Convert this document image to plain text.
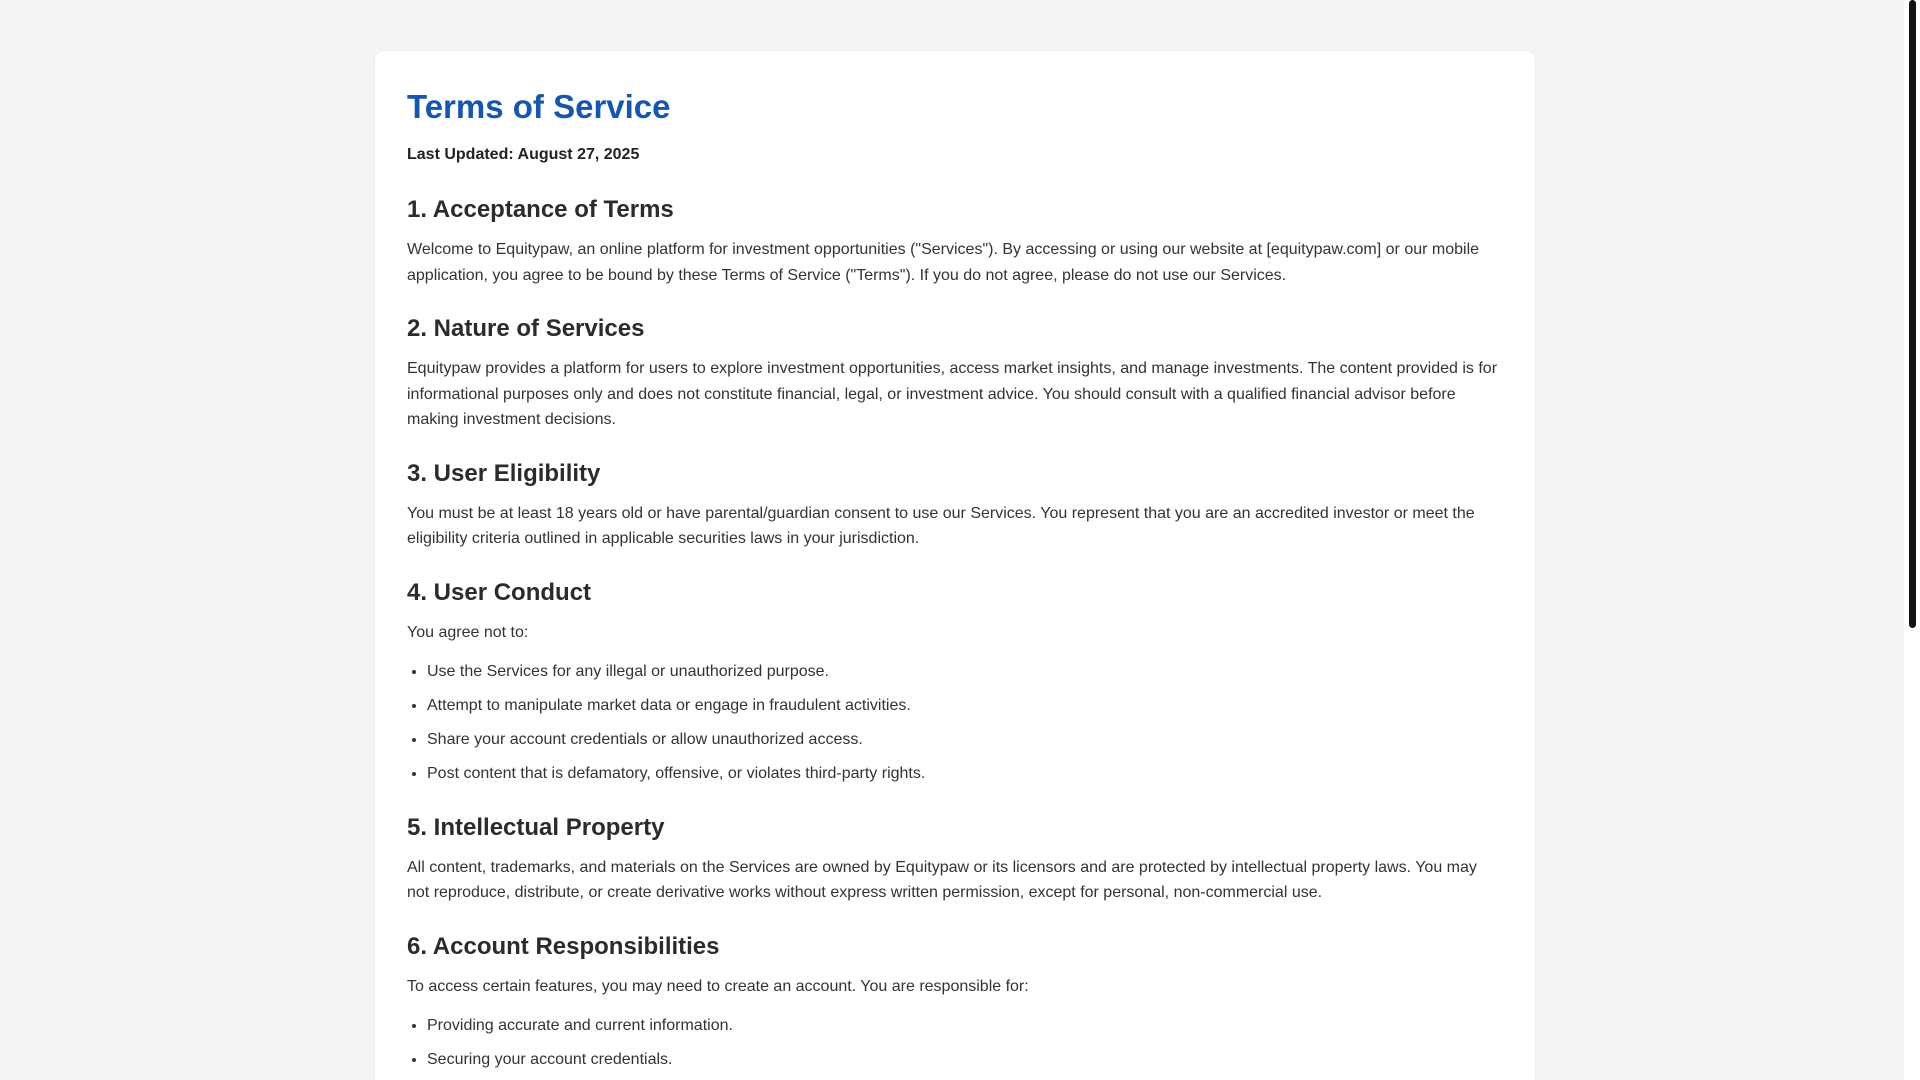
Terms of Service

Last Updated: August 27, 2025

1. Acceptance of Terms

Welcome to Equitypaw, an online platform for investment opportunities ("Services"). By accessing or using our website at [equitypaw.com] or our mobile application, you agree to be bound by these Terms of Service ("Terms"). If you do not agree, please do not use our Services.

2. Nature of Services

Equitypaw provides a platform for users to explore investment opportunities, access market insights, and manage investments. The content provided is for informational purposes only and does not constitute financial, legal, or investment advice. You should consult with a qualified financial advisor before making investment decisions.

3. User Eligibility

You must be at least 18 years old or have parental/guardian consent to use our Services. You represent that you are an accredited investor or meet the eligibility criteria outlined in applicable securities laws in your jurisdiction.

4. User Conduct

You agree not to:

• Use the Services for any illegal or unauthorized purpose.
• Attempt to manipulate market data or engage in fraudulent activities.
• Share your account credentials or allow unauthorized access.
• Post content that is defamatory, offensive, or violates third-party rights.
5. Intellectual Property

All content, trademarks, and materials on the Services are owned by Equitypaw or its licensors and are protected by intellectual property laws. You may not reproduce, distribute, or create derivative works without express written permission, except for personal, non-commercial use.

6. Account Responsibilities

To access certain features, you may need to create an account. You are responsible for:

• Providing accurate and current information.
• Securing your account credentials.
